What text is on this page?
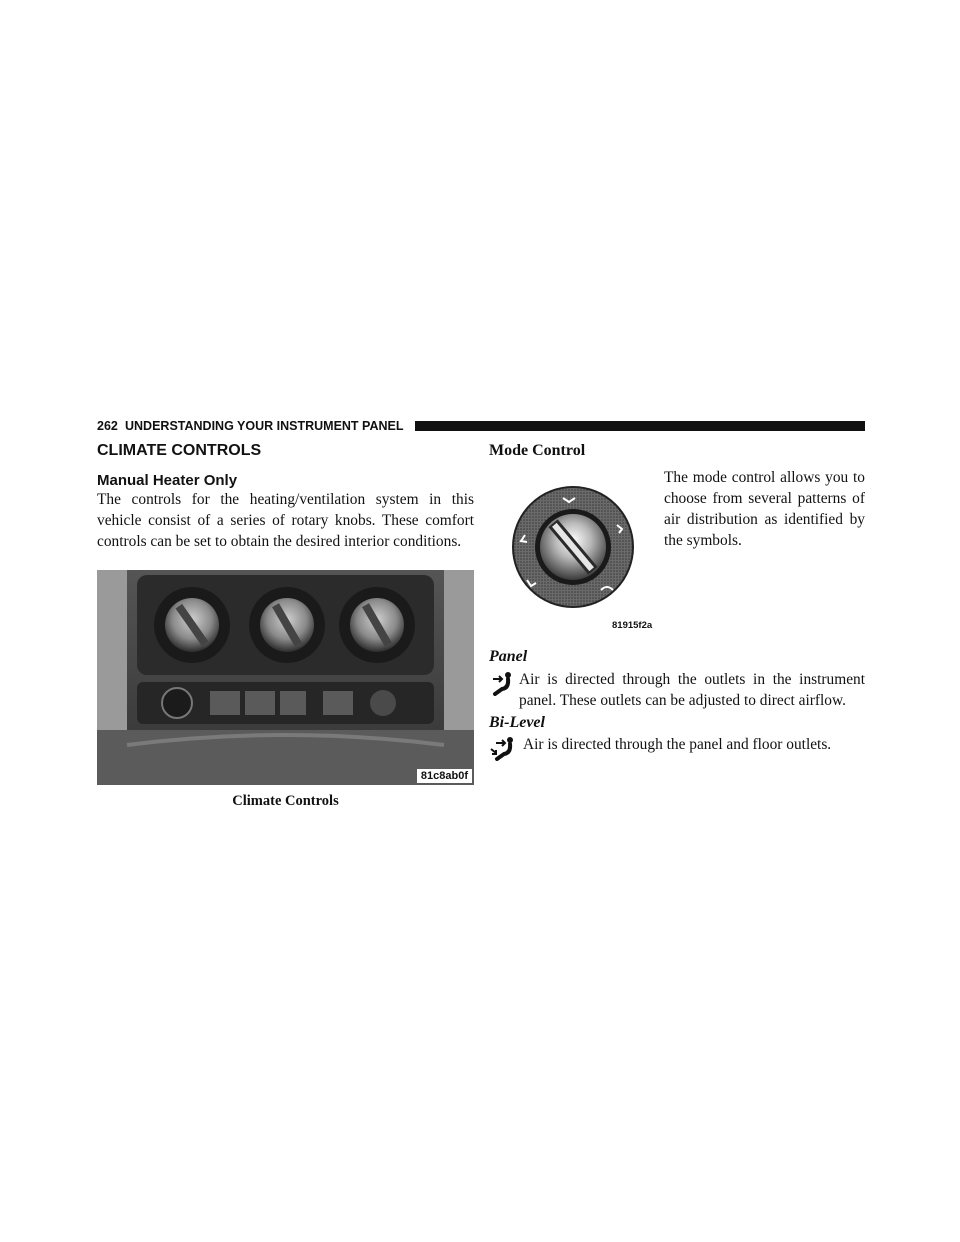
262 UNDERSTANDING YOUR INSTRUMENT PANEL
CLIMATE CONTROLS
Manual Heater Only

The controls for the heating/ventilation system in this vehicle consist of a series of rotary knobs. These comfort controls can be set to obtain the desired interior conditions.

81c8ab0f
Climate Controls
Mode Control

The mode control allows you to choose from several patterns of air distribution as identified by the symbols.

81915f2a
Panel

Air is directed through the outlets in the instrument panel. These outlets can be adjusted to direct airflow.

Bi-Level

Air is directed through the panel and floor outlets.
